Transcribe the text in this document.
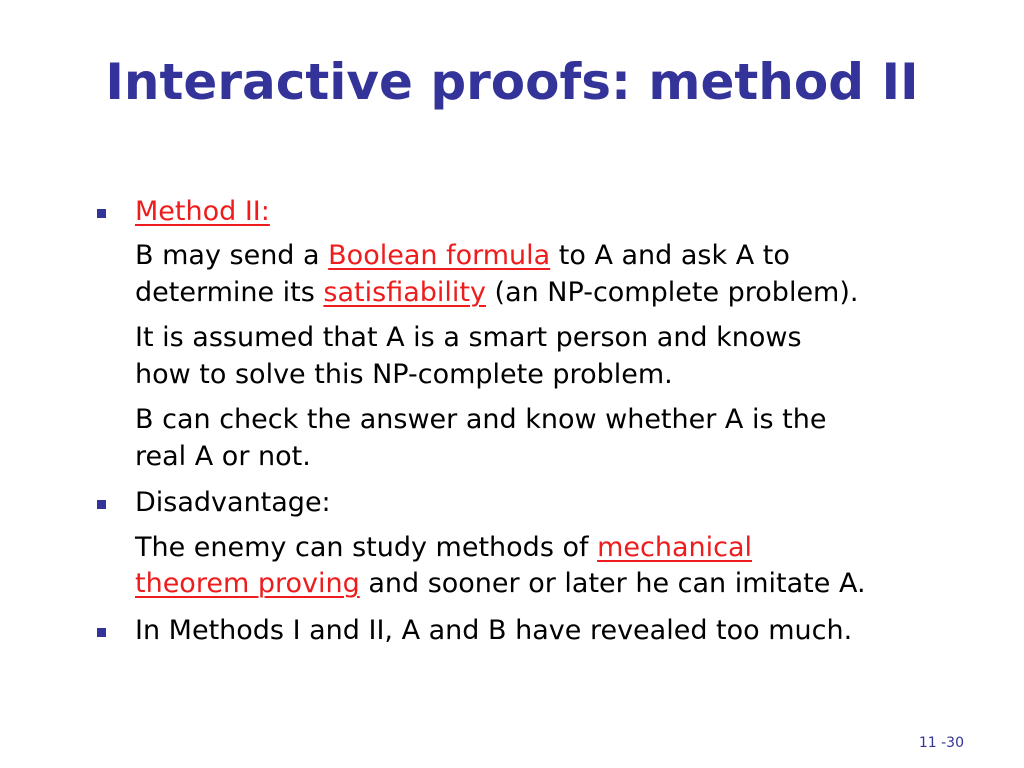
Interactive proofs: method II
Method II:
B may send a Boolean formula to A and ask A to
determine its satisfiability (an NP-complete problem).
It is assumed that A is a smart person and knows
how to solve this NP-complete problem.
B can check the answer and know whether A is the
real A or not.
Disadvantage:
The enemy can study methods of mechanical
theorem proving and sooner or later he can imitate A.
In Methods I and II, A and B have revealed too much.
11 -30
